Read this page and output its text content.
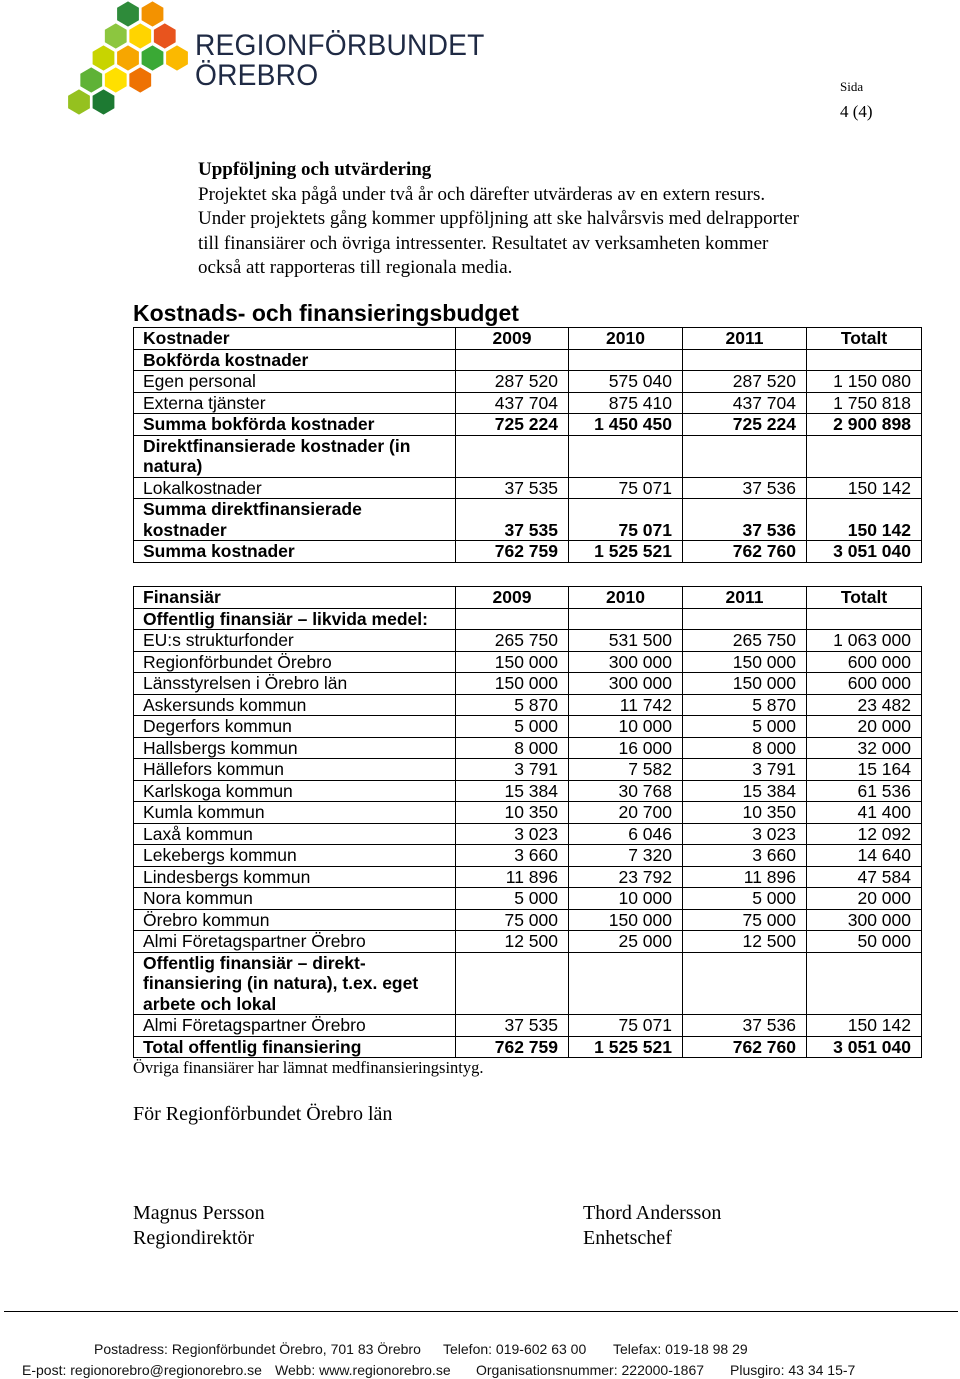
REGIONFÖRBUNDET
ÖREBRO	Sida
4 (4)
Uppföljning och utvärdering
Projektet ska pågå under två år och därefter utvärderas av en extern resurs.
Under projektets gång kommer uppföljning att ske halvårsvis med delrapporter
till finansiärer och övriga intressenter. Resultatet av verksamheten kommer
också att rapporteras till regionala media.
Kostnads- och finansieringsbudget
Kostnader	2009	2010	2011	Totalt
Bokförda kostnader				
Egen personal	287 520	575 040	287 520	1 150 080
Externa tjänster	437 704	875 410	437 704	1 750 818
Summa bokförda kostnader	725 224	1 450 450	725 224	2 900 898
Direktfinansierade kostnader (in
natura)				
Lokalkostnader	37 535	75 071	37 536	150 142
Summa direktfinansierade
kostnader	37 535	75 071	37 536	150 142
Summa kostnader	762 759	1 525 521	762 760	3 051 040
Finansiär	2009	2010	2011	Totalt
Offentlig finansiär – likvida medel:				
EU:s strukturfonder	265 750	531 500	265 750	1 063 000
Regionförbundet Örebro	150 000	300 000	150 000	600 000
Länsstyrelsen i Örebro län	150 000	300 000	150 000	600 000
Askersunds kommun	5 870	11 742	5 870	23 482
Degerfors kommun	5 000	10 000	5 000	20 000
Hallsbergs kommun	8 000	16 000	8 000	32 000
Hällefors kommun	3 791	7 582	3 791	15 164
Karlskoga kommun	15 384	30 768	15 384	61 536
Kumla kommun	10 350	20 700	10 350	41 400
Laxå kommun	3 023	6 046	3 023	12 092
Lekebergs kommun	3 660	7 320	3 660	14 640
Lindesbergs kommun	11 896	23 792	11 896	47 584
Nora kommun	5 000	10 000	5 000	20 000
Örebro kommun	75 000	150 000	75 000	300 000
Almi Företagspartner Örebro	12 500	25 000	12 500	50 000
Offentlig finansiär – direkt-
finansiering (in natura), t.ex. eget
arbete och lokal				
Almi Företagspartner Örebro	37 535	75 071	37 536	150 142
Total offentlig finansiering	762 759	1 525 521	762 760	3 051 040
Övriga finansiärer har lämnat medfinansieringsintyg.
För Regionförbundet Örebro län
Magnus Persson
Regiondirektör
Thord Andersson
Enhetschef
Postadress: Regionförbundet Örebro, 701 83 Örebro Telefon: 019-602 63 00 Telefax: 019-18 98 29
E-post: regionorebro@regionorebro.se Webb: www.regionorebro.se Organisationsnummer: 222000-1867 Plusgiro: 43 34 15-7
